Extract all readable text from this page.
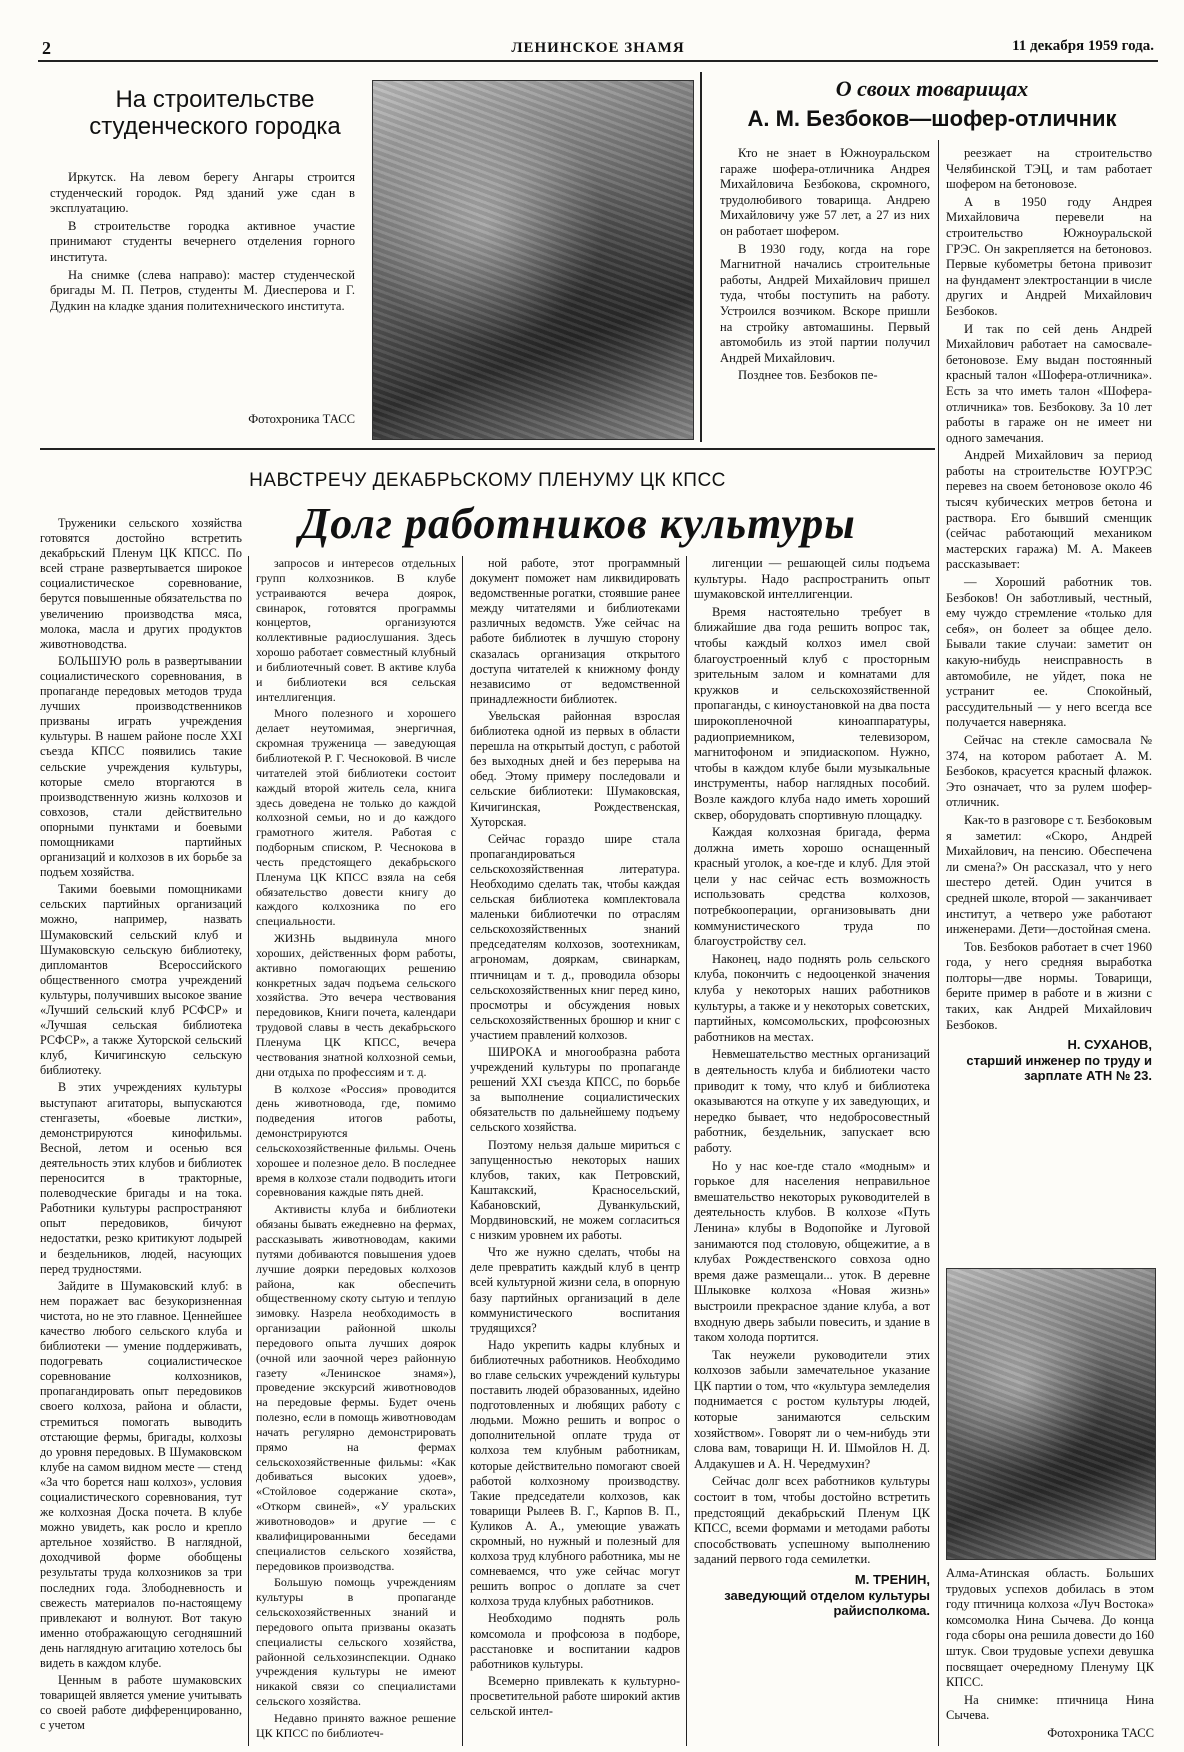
2	ЛЕНИНСКОЕ ЗНАМЯ	11 декабря 1959 года.
На строительстве студенческого городка

Иркутск. На левом берегу Ангары строится студенческий городок. Ряд зданий уже сдан в эксплуатацию.

В строительстве городка активное участие принимают студенты вечернего отделения горного института.

На снимке (слева направо): мастер студенческой бригады М. П. Петров, студенты М. Диесперова и Г. Дудкин на кладке здания политехнического института.

Фотохроника ТАСС
О своих товарищах
А. М. Безбоков—шофер-отличник

Кто не знает в Южноуральском гараже шофера-отличника Андрея Михайловича Безбокова, скромного, трудолюбивого товарища. Андрею Михайловичу уже 57 лет, а 27 из них он работает шофером.

В 1930 году, когда на горе Магнитной начались строительные работы, Андрей Михайлович пришел туда, чтобы поступить на работу. Устроился возчиком. Вскоре пришли на стройку автомашины. Первый автомобиль из этой партии получил Андрей Михайлович.

Позднее тов. Безбоков пе-

реезжает на строительство Челябинской ТЭЦ, и там работает шофером на бетоновозе.

А в 1950 году Андрея Михайловича перевели на строительство Южноуральской ГРЭС. Он закрепляется на бетоновоз. Первые кубометры бетона привозит на фундамент электростанции в числе других и Андрей Михайлович Безбоков.

И так по сей день Андрей Михайлович работает на самосвале-бетоновозе. Ему выдан постоянный красный талон «Шофера-отличника». Есть за что иметь талон «Шофера-отличника» тов. Безбокову. За 10 лет работы в гараже он не имеет ни одного замечания.

Андрей Михайлович за период работы на строительстве ЮУГРЭС перевез на своем бетоновозе около 46 тысяч кубических метров бетона и раствора. Его бывший сменщик (сейчас работающий механиком мастерских гаража) М. А. Макеев рассказывает:

— Хороший работник тов. Безбоков! Он заботливый, честный, ему чуждо стремление «только для себя», он болеет за общее дело. Бывали такие случаи: заметит он какую-нибудь неисправность в автомобиле, не уйдет, пока не устранит ее. Спокойный, рассудительный — у него всегда все получается наверняка.

Сейчас на стекле самосвала № 374, на котором работает А. М. Безбоков, красуется красный флажок. Это означает, что за рулем шофер-отличник.

Как-то в разговоре с т. Безбоковым я заметил: «Скоро, Андрей Михайлович, на пенсию. Обеспечена ли смена?» Он рассказал, что у него шестеро детей. Один учится в средней школе, второй — заканчивает институт, а четверо уже работают инженерами. Дети—достойная смена.

Тов. Безбоков работает в счет 1960 года, у него средняя выработка полторы—две нормы. Товарищи, берите пример в работе и в жизни с таких, как Андрей Михайлович Безбоков.

Н. СУХАНОВ,
старший инженер по труду и зарплате АТН № 23.
НАВСТРЕЧУ ДЕКАБРЬСКОМУ ПЛЕНУМУ ЦК КПСС
Долг работников культуры

Труженики сельского хозяйства готовятся достойно встретить декабрьский Пленум ЦК КПСС. По всей стране развертывается широкое социалистическое соревнование, берутся повышенные обязательства по увеличению производства мяса, молока, масла и других продуктов животноводства.

БОЛЬШУЮ роль в развертывании социалистического соревнования, в пропаганде передовых методов труда лучших производственников призваны играть учреждения культуры. В нашем районе после XXI съезда КПСС появились такие сельские учреждения культуры, которые смело вторгаются в производственную жизнь колхозов и совхозов, стали действительно опорными пунктами и боевыми помощниками партийных организаций и колхозов в их борьбе за подъем хозяйства.

Такими боевыми помощниками сельских партийных организаций можно, например, назвать Шумаковский сельский клуб и Шумаковскую сельскую библиотеку, дипломантов Всероссийского общественного смотра учреждений культуры, получивших высокое звание «Лучший сельский клуб РСФСР» и «Лучшая сельская библиотека РСФСР», а также Хуторской сельский клуб, Кичигинскую сельскую библиотеку.

В этих учреждениях культуры выступают агитаторы, выпускаются стенгазеты, «боевые листки», демонстрируются кинофильмы. Весной, летом и осенью вся деятельность этих клубов и библиотек переносится в тракторные, полеводческие бригады и на тока. Работники культуры распространяют опыт передовиков, бичуют недостатки, резко критикуют лодырей и бездельников, людей, насующих перед трудностями.

Зайдите в Шумаковский клуб: в нем поражает вас безукоризненная чистота, но не это главное. Ценнейшее качество любого сельского клуба и библиотеки — умение поддерживать, подогревать социалистическое соревнование колхозников, пропагандировать опыт передовиков своего колхоза, района и области, стремиться помогать выводить отстающие фермы, бригады, колхозы до уровня передовых. В Шумаковском клубе на самом видном месте — стенд «За что борется наш колхоз», условия социалистического соревнования, тут же колхозная Доска почета. В клубе можно увидеть, как росло и крепло артельное хозяйство. В наглядной, доходчивой форме обобщены результаты труда колхозников за три последних года. Злободневность и свежесть материалов по-настоящему привлекают и волнуют. Вот такую именно отображающую сегодняшний день наглядную агитацию хотелось бы видеть в каждом клубе.

Ценным в работе шумаковских товарищей является умение учитывать со своей работе дифференцированно, с учетом

запросов и интересов отдельных групп колхозников. В клубе устраиваются вечера доярок, свинарок, готовятся программы концертов, организуются коллективные радиослушания. Здесь хорошо работает совместный клубный и библиотечный совет. В активе клуба и библиотеки вся сельская интеллигенция.

Много полезного и хорошего делает неутомимая, энергичная, скромная труженица — заведующая библиотекой Р. Г. Чесноковой. В числе читателей этой библиотеки состоит каждый второй житель села, книга здесь доведена не только до каждой колхозной семьи, но и до каждого грамотного жителя. Работая с подборным списком, Р. Чеснокова в честь предстоящего декабрьского Пленума ЦК КПСС взяла на себя обязательство довести книгу до каждого колхозника по его специальности.

ЖИЗНЬ выдвинула много хороших, действенных форм работы, активно помогающих решению конкретных задач подъема сельского хозяйства. Это вечера чествования передовиков, Книги почета, календари трудовой славы в честь декабрьского Пленума ЦК КПСС, вечера чествования знатной колхозной семьи, дни отдыха по профессиям и т. д.

В колхозе «Россия» проводится день животновода, где, помимо подведения итогов работы, демонстрируются сельскохозяйственные фильмы. Очень хорошее и полезное дело. В последнее время в колхозе стали подводить итоги соревнования каждые пять дней.

Активисты клуба и библиотеки обязаны бывать ежедневно на фермах, рассказывать животноводам, какими путями добиваются повышения удоев лучшие доярки передовых колхозов района, как обеспечить общественному скоту сытую и теплую зимовку. Назрела необходимость в организации районной школы передового опыта лучших доярок (очной или заочной через районную газету «Ленинское знамя»), проведение экскурсий животноводов на передовые фермы. Будет очень полезно, если в помощь животноводам начать регулярно демонстрировать прямо на фермах сельскохозяйственные фильмы: «Как добиваться высоких удоев», «Стойловое содержание скота», «Откорм свиней», «У уральских животноводов» и другие — с квалифицированными беседами специалистов сельского хозяйства, передовиков производства.

Большую помощь учреждениям культуры в пропаганде сельскохозяйственных знаний и передового опыта призваны оказать специалисты сельского хозяйства, районной сельхозинспекции. Однако учреждения культуры не имеют никакой связи со специалистами сельского хозяйства.

Недавно принято важное решение ЦК КПСС по библиотеч-

ной работе, этот программный документ поможет нам ликвидировать ведомственные рогатки, стоявшие ранее между читателями и библиотеками различных ведомств. Уже сейчас на работе библиотек в лучшую сторону сказалась организация открытого доступа читателей к книжному фонду независимо от ведомственной принадлежности библиотек.

Увельская районная взрослая библиотека одной из первых в области перешла на открытый доступ, с работой без выходных дней и без перерыва на обед. Этому примеру последовали и сельские библиотеки: Шумаковская, Кичигинская, Рождественская, Хуторская.

Сейчас гораздо шире стала пропагандироваться сельскохозяйственная литература. Необходимо сделать так, чтобы каждая сельская библиотека комплектовала маленьки библиотечки по отраслям сельскохозяйственных знаний председателям колхозов, зоотехникам, агрономам, дояркам, свинаркам, птичницам и т. д., проводила обзоры сельскохозяйственных книг перед кино, просмотры и обсуждения новых сельскохозяйственных брошюр и книг с участием правлений колхозов.

ШИРОКА и многообразна работа учреждений культуры по пропаганде решений XXI съезда КПСС, по борьбе за выполнение социалистических обязательств по дальнейшему подъему сельского хозяйства.

Поэтому нельзя дальше мириться с запущенностью некоторых наших клубов, таких, как Петровский, Каштакский, Красносельский, Кабановский, Дуванкульский, Мордвиновский, не можем согласиться с низким уровнем их работы.

Что же нужно сделать, чтобы на деле превратить каждый клуб в центр всей культурной жизни села, в опорную базу партийных организаций в деле коммунистического воспитания трудящихся?

Надо укрепить кадры клубных и библиотечных работников. Необходимо во главе сельских учреждений культуры поставить людей образованных, идейно подготовленных и любящих работу с людьми. Можно решить и вопрос о дополнительной оплате труда от колхоза тем клубным работникам, которые действительно помогают своей работой колхозному производству. Такие председатели колхозов, как товарищи Рылеев В. Г., Карпов В. П., Куликов А. А., умеющие уважать скромный, но нужный и полезный для колхоза труд клубного работника, мы не сомневаемся, что уже сейчас могут решить вопрос о доплате за счет колхоза труда клубных работников.

Необходимо поднять роль комсомола и профсоюза в подборе, расстановке и воспитании кадров работников культуры.

Всемерно привлекать к культурно-просветительной работе широкий актив сельской интел-

лигенции — решающей силы подъема культуры. Надо распространить опыт шумаковской интеллигенции.

Время настоятельно требует в ближайшие два года решить вопрос так, чтобы каждый колхоз имел свой благоустроенный клуб с просторным зрительным залом и комнатами для кружков и сельскохозяйственной пропаганды, с киноустановкой на два поста широкопленочной киноаппаратуры, радиоприемником, телевизором, магнитофоном и эпидиаскопом. Нужно, чтобы в каждом клубе были музыкальные инструменты, набор наглядных пособий. Возле каждого клуба надо иметь хороший сквер, оборудовать спортивную площадку.

Каждая колхозная бригада, ферма должна иметь хорошо оснащенный красный уголок, а кое-где и клуб. Для этой цели у нас сейчас есть возможность использовать средства колхозов, потребкооперации, организовывать дни коммунистического труда по благоустройству сел.

Наконец, надо поднять роль сельского клуба, покончить с недооценкой значения клуба у некоторых наших работников культуры, а также и у некоторых советских, партийных, комсомольских, профсоюзных работников на местах.

Невмешательство местных организаций в деятельность клуба и библиотеки часто приводит к тому, что клуб и библиотека оказываются на откупе у их заведующих, и нередко бывает, что недобросовестный работник, бездельник, запускает всю работу.

Но у нас кое-где стало «модным» и горькое для населения неправильное вмешательство некоторых руководителей в деятельность клубов. В колхозе «Путь Ленина» клубы в Водопойке и Луговой занимаются под столовую, общежитие, а в клубах Рождественского совхоза одно время даже размещали... уток. В деревне Шлыковке колхоза «Новая жизнь» выстроили прекрасное здание клуба, а вот входную дверь забыли повесить, и здание в таком холода портится.

Так неужели руководители этих колхозов забыли замечательное указание ЦК партии о том, что «культура земледелия поднимается с ростом культуры людей, которые занимаются сельским хозяйством». Говорят ли о чем-нибудь эти слова вам, товарищи Н. И. Шмойлов Н. Д. Алдакушев и А. Н. Чередмухин?

Сейчас долг всех работников культуры состоит в том, чтобы достойно встретить предстоящий декабрьский Пленум ЦК КПСС, всеми формами и методами работы способствовать успешному выполнению заданий первого года семилетки.

М. ТРЕНИН,
заведующий отделом культуры райисполкома.

Алма-Атинская область. Больших трудовых успехов добилась в этом году птичница колхоза «Луч Востока» комсомолка Нина Сычева. До конца года сборы она решила довести до 160 штук. Свои трудовые успехи девушка посвящает очередному Пленуму ЦК КПСС.

На снимке: птичница Нина Сычева.

Фотохроника ТАСС
